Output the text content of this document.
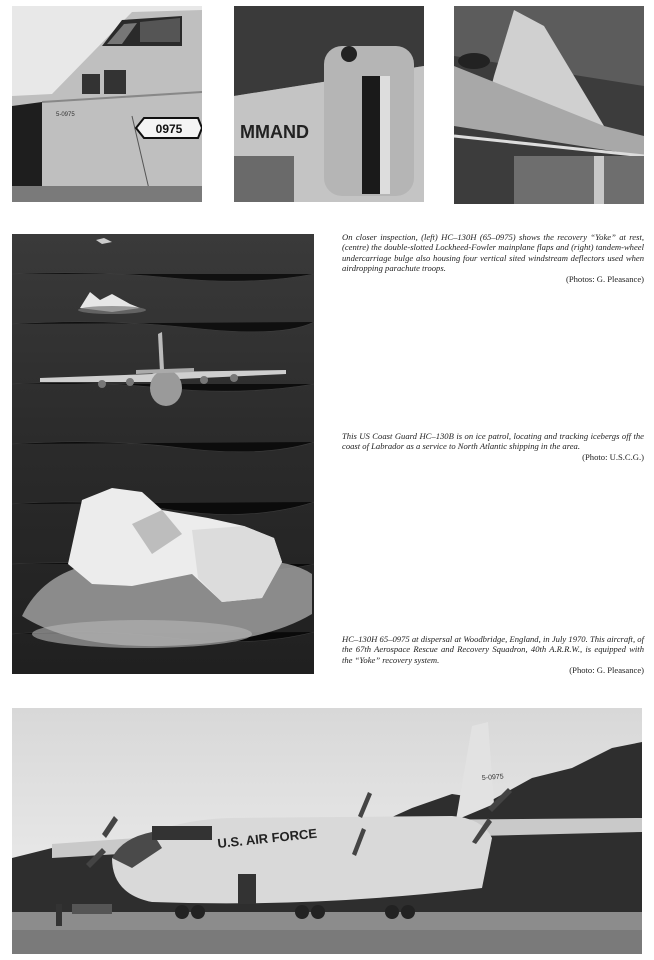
0975
5-0975
MMAND
On closer inspection, (left) HC–130H (65–0975) shows the recovery “Yoke” at rest, (centre) the double-slotted Lockheed-Fowler mainplane flaps and (right) tandem-wheel undercarriage bulge also housing four vertical sited windstream deflectors used when airdropping parachute troops.
(Photos: G. Pleasance)
This US Coast Guard HC–130B is on ice patrol, locating and tracking icebergs off the coast of Labrador as a service to North Atlantic shipping in the area.
(Photo: U.S.C.G.)
HC–130H 65–0975 at dispersal at Woodbridge, England, in July 1970. This aircraft, of the 67th Aerospace Rescue and Recovery Squadron, 40th A.R.R.W., is equipped with the “Yoke” recovery system.
(Photo: G. Pleasance)
U.S. AIR FORCE
5-0975
